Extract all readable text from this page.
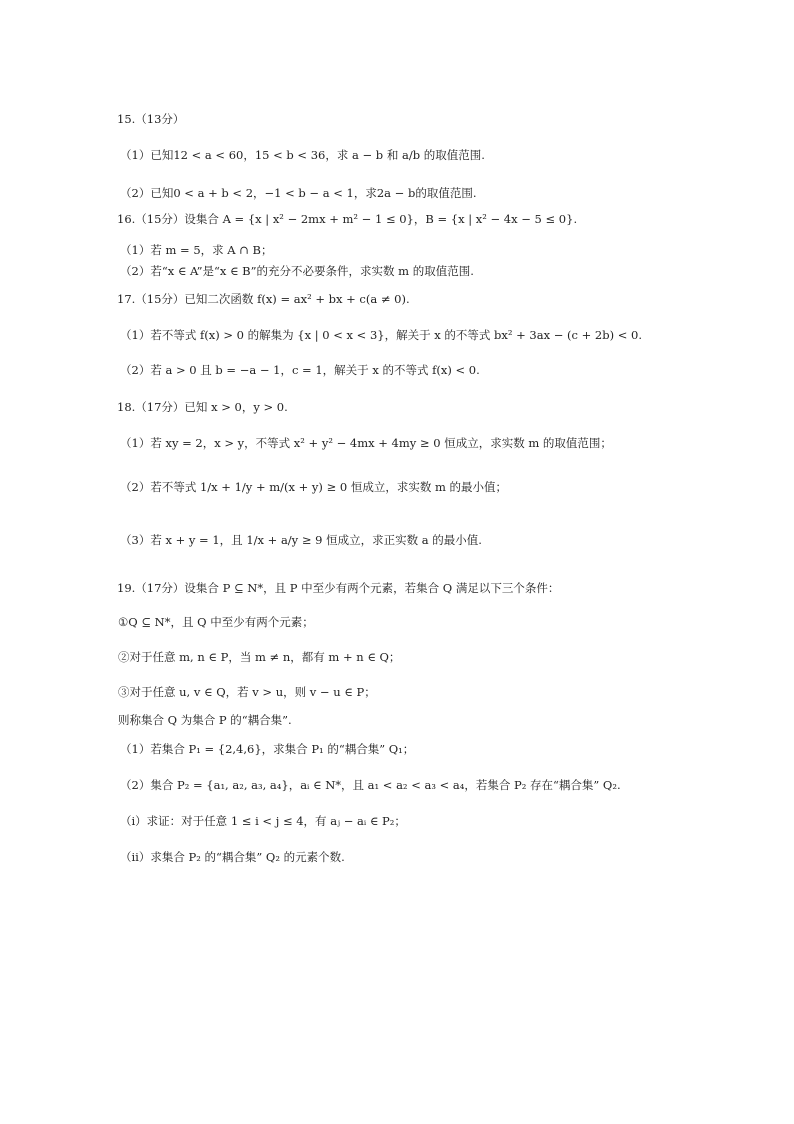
15.（13分）
（1）已知12 < a < 60，15 < b < 36，求 a − b 和 a/b 的取值范围.
（2）已知0 < a + b < 2，−1 < b − a < 1，求2a − b的取值范围.
16.（15分）设集合 A = {x | x² − 2mx + m² − 1 ≤ 0}，B = {x | x² − 4x − 5 ≤ 0}.
（1）若 m = 5，求 A ∩ B；
（2）若“x ∈ A”是“x ∈ B”的充分不必要条件，求实数 m 的取值范围.
17.（15分）已知二次函数 f(x) = ax² + bx + c(a ≠ 0).
（1）若不等式 f(x) > 0 的解集为 {x | 0 < x < 3}，解关于 x 的不等式 bx² + 3ax − (c + 2b) < 0.
（2）若 a > 0 且 b = −a − 1，c = 1，解关于 x 的不等式 f(x) < 0.
18.（17分）已知 x > 0，y > 0.
（1）若 xy = 2，x > y，不等式 x² + y² − 4mx + 4my ≥ 0 恒成立，求实数 m 的取值范围；
（2）若不等式 1/x + 1/y + m/(x + y) ≥ 0 恒成立，求实数 m 的最小值；
（3）若 x + y = 1，且 1/x + a/y ≥ 9 恒成立，求正实数 a 的最小值.
19.（17分）设集合 P ⊆ N*，且 P 中至少有两个元素，若集合 Q 满足以下三个条件：
①Q ⊆ N*，且 Q 中至少有两个元素；
②对于任意 m, n ∈ P，当 m ≠ n，都有 m + n ∈ Q；
③对于任意 u, v ∈ Q，若 v > u，则 v − u ∈ P；
则称集合 Q 为集合 P 的“耦合集”.
（1）若集合 P₁ = {2,4,6}，求集合 P₁ 的“耦合集” Q₁；
（2）集合 P₂ = {a₁, a₂, a₃, a₄}，aᵢ ∈ N*，且 a₁ < a₂ < a₃ < a₄，若集合 P₂ 存在“耦合集” Q₂.
（ⅰ）求证：对于任意 1 ≤ i < j ≤ 4，有 aⱼ − aᵢ ∈ P₂；
（ⅱ）求集合 P₂ 的“耦合集” Q₂ 的元素个数.
